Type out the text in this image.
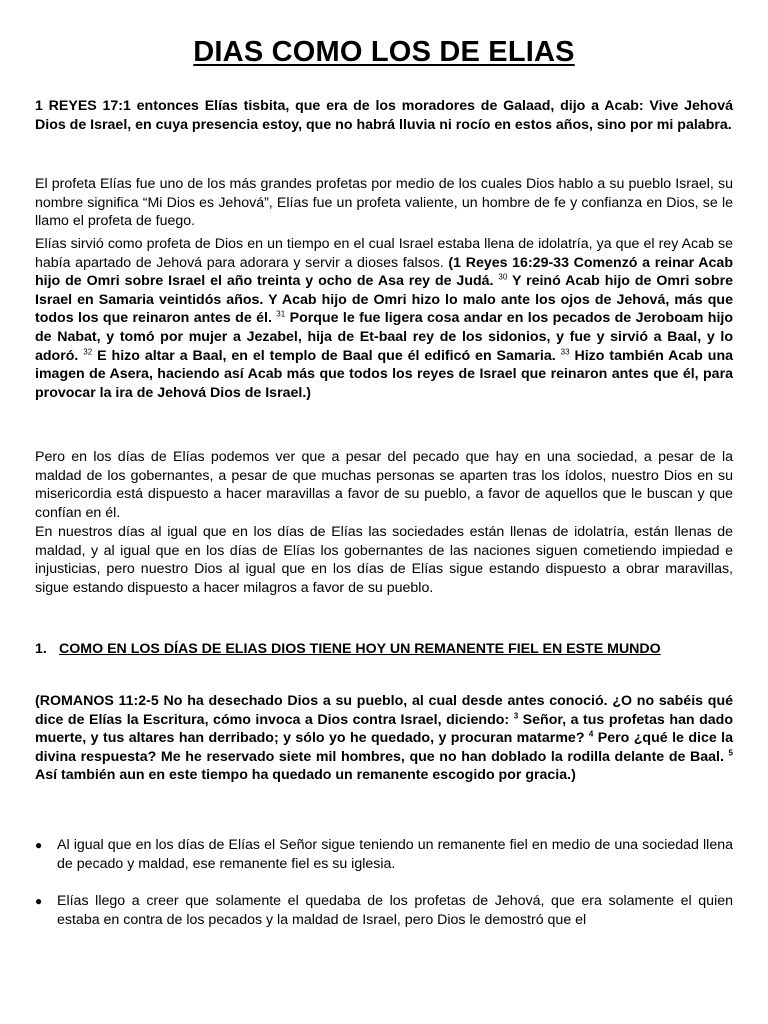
DIAS COMO LOS DE ELIAS

1 REYES 17:1 entonces Elías tisbita, que era de los moradores de Galaad, dijo a Acab: Vive Jehová Dios de Israel, en cuya presencia estoy, que no habrá lluvia ni rocío en estos años, sino por mi palabra.

El profeta Elías fue uno de los más grandes profetas por medio de los cuales Dios hablo a su pueblo Israel, su nombre significa “Mi Dios es Jehová”, Elías fue un profeta valiente, un hombre de fe y confianza en Dios, se le llamo el profeta de fuego.

Elías sirvió como profeta de Dios en un tiempo en el cual Israel estaba llena de idolatría, ya que el rey Acab se había apartado de Jehová para adorara y servir a dioses falsos. (1 Reyes 16:29-33 Comenzó a reinar Acab hijo de Omri sobre Israel el año treinta y ocho de Asa rey de Judá. $^{30}$ Y reinó Acab hijo de Omri sobre Israel en Samaria veintidós años. Y Acab hijo de Omri hizo lo malo ante los ojos de Jehová, más que todos los que reinaron antes de él. $^{31}$ Porque le fue ligera cosa andar en los pecados de Jeroboam hijo de Nabat, y tomó por mujer a Jezabel, hija de Et-baal rey de los sidonios, y fue y sirvió a Baal, y lo adoró. $^{32}$ E hizo altar a Baal, en el templo de Baal que él edificó en Samaria. $^{33}$ Hizo también Acab una imagen de Asera, haciendo así Acab más que todos los reyes de Israel que reinaron antes que él, para provocar la ira de Jehová Dios de Israel.)

Pero en los días de Elías podemos ver que a pesar del pecado que hay en una sociedad, a pesar de la maldad de los gobernantes, a pesar de que muchas personas se aparten tras los ídolos, nuestro Dios en su misericordia está dispuesto a hacer maravillas a favor de su pueblo, a favor de aquellos que le buscan y que confían en él.

En nuestros días al igual que en los días de Elías las sociedades están llenas de idolatría, están llenas de maldad, y al igual que en los días de Elías los gobernantes de las naciones siguen cometiendo impiedad e injusticias, pero nuestro Dios al igual que en los días de Elías sigue estando dispuesto a obrar maravillas, sigue estando dispuesto a hacer milagros a favor de su pueblo.

1. COMO EN LOS DÍAS DE ELIAS DIOS TIENE HOY UN REMANENTE FIEL EN ESTE MUNDO

(ROMANOS 11:2-5 No ha desechado Dios a su pueblo, al cual desde antes conoció. ¿O no sabéis qué dice de Elías la Escritura, cómo invoca a Dios contra Israel, diciendo: $^3$ Señor, a tus profetas han dado muerte, y tus altares han derribado; y sólo yo he quedado, y procuran matarme? $^4$ Pero ¿qué le dice la divina respuesta? Me he reservado siete mil hombres, que no han doblado la rodilla delante de Baal. $^5$ Así también aun en este tiempo ha quedado un remanente escogido por gracia.)

●	Al igual que en los días de Elías el Señor sigue teniendo un remanente fiel en medio de una sociedad llena de pecado y maldad, ese remanente fiel es su iglesia.
●	Elías llego a creer que solamente el quedaba de los profetas de Jehová, que era solamente el quien estaba en contra de los pecados y la maldad de Israel, pero Dios le demostró que el
